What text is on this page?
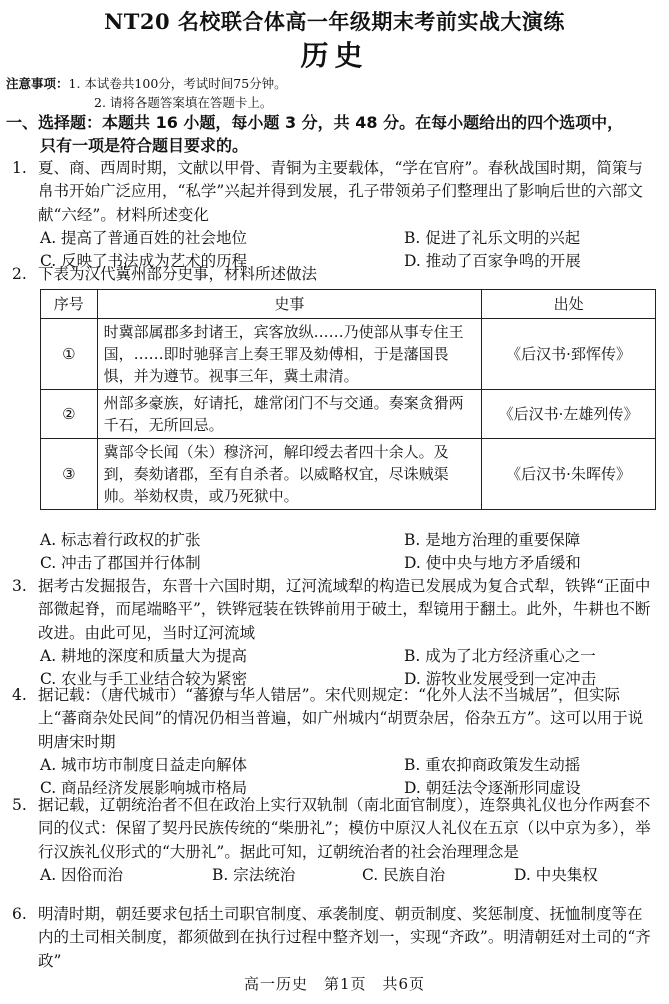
NT20 名校联合体高一年级期末考前实战大演练
历史
注意事项：1. 本试卷共100分，考试时间75分钟。
2. 请将各题答案填在答题卡上。
一、选择题：本题共 16 小题，每小题 3 分，共 48 分。在每小题给出的四个选项中，
只有一项是符合题目要求的。
1. 夏、商、西周时期，文献以甲骨、青铜为主要载体，“学在官府”。春秋战国时期，简策与帛书开始广泛应用，“私学”兴起并得到发展，孔子带领弟子们整理出了影响后世的六部文献“六经”。材料所述变化
A. 提高了普通百姓的社会地位	B. 促进了礼乐文明的兴起
C. 反映了书法成为艺术的历程	D. 推动了百家争鸣的开展
2. 下表为汉代冀州部分史事，材料所述做法
序号	史事	出处
①	时冀部属郡多封诸王，宾客放纵……乃使部从事专住王国，……即时驰驿言上奏王罪及劾傅相，于是藩国畏惧，并为遵节。视事三年，冀土肃清。	《后汉书·郅恽传》
②	州部多豪族，好请托，雄常闭门不与交通。奏案贪猾两千石，无所回忌。	《后汉书·左雄列传》
③	冀部令长闻（朱）穆济河，解印绶去者四十余人。及到，奏劾诸郡，至有自杀者。以威略权宜，尽诛贼渠帅。举劾权贵，或乃死狱中。	《后汉书·朱晖传》
A. 标志着行政权的扩张	B. 是地方治理的重要保障
C. 冲击了郡国并行体制	D. 使中央与地方矛盾缓和
3. 据考古发掘报告，东晋十六国时期，辽河流域犁的构造已发展成为复合式犁，铁铧“正面中部微起脊，而尾端略平”，铁铧冠装在铁铧前用于破土，犁镜用于翻土。此外，牛耕也不断改进。由此可见，当时辽河流域
A. 耕地的深度和质量大为提高	B. 成为了北方经济重心之一
C. 农业与手工业结合较为紧密	D. 游牧业发展受到一定冲击
4. 据记载：（唐代城市）“蕃獠与华人错居”。宋代则规定：“化外人法不当城居”，但实际上“蕃商杂处民间”的情况仍相当普遍，如广州城内“胡贾杂居，俗杂五方”。这可以用于说明唐宋时期
A. 城市坊市制度日益走向解体	B. 重农抑商政策发生动摇
C. 商品经济发展影响城市格局	D. 朝廷法令逐渐形同虚设
5. 据记载，辽朝统治者不但在政治上实行双轨制（南北面官制度），连祭典礼仪也分作两套不同的仪式：保留了契丹民族传统的“柴册礼”；模仿中原汉人礼仪在五京（以中京为多），举行汉族礼仪形式的“大册礼”。据此可知，辽朝统治者的社会治理理念是
A. 因俗而治	B. 宗法统治	C. 民族自治	D. 中央集权
6. 明清时期，朝廷要求包括土司职官制度、承袭制度、朝贡制度、奖惩制度、抚恤制度等在内的土司相关制度，都须做到在执行过程中整齐划一，实现“齐政”。明清朝廷对土司的“齐政”
高一历史　第1页　共6页
